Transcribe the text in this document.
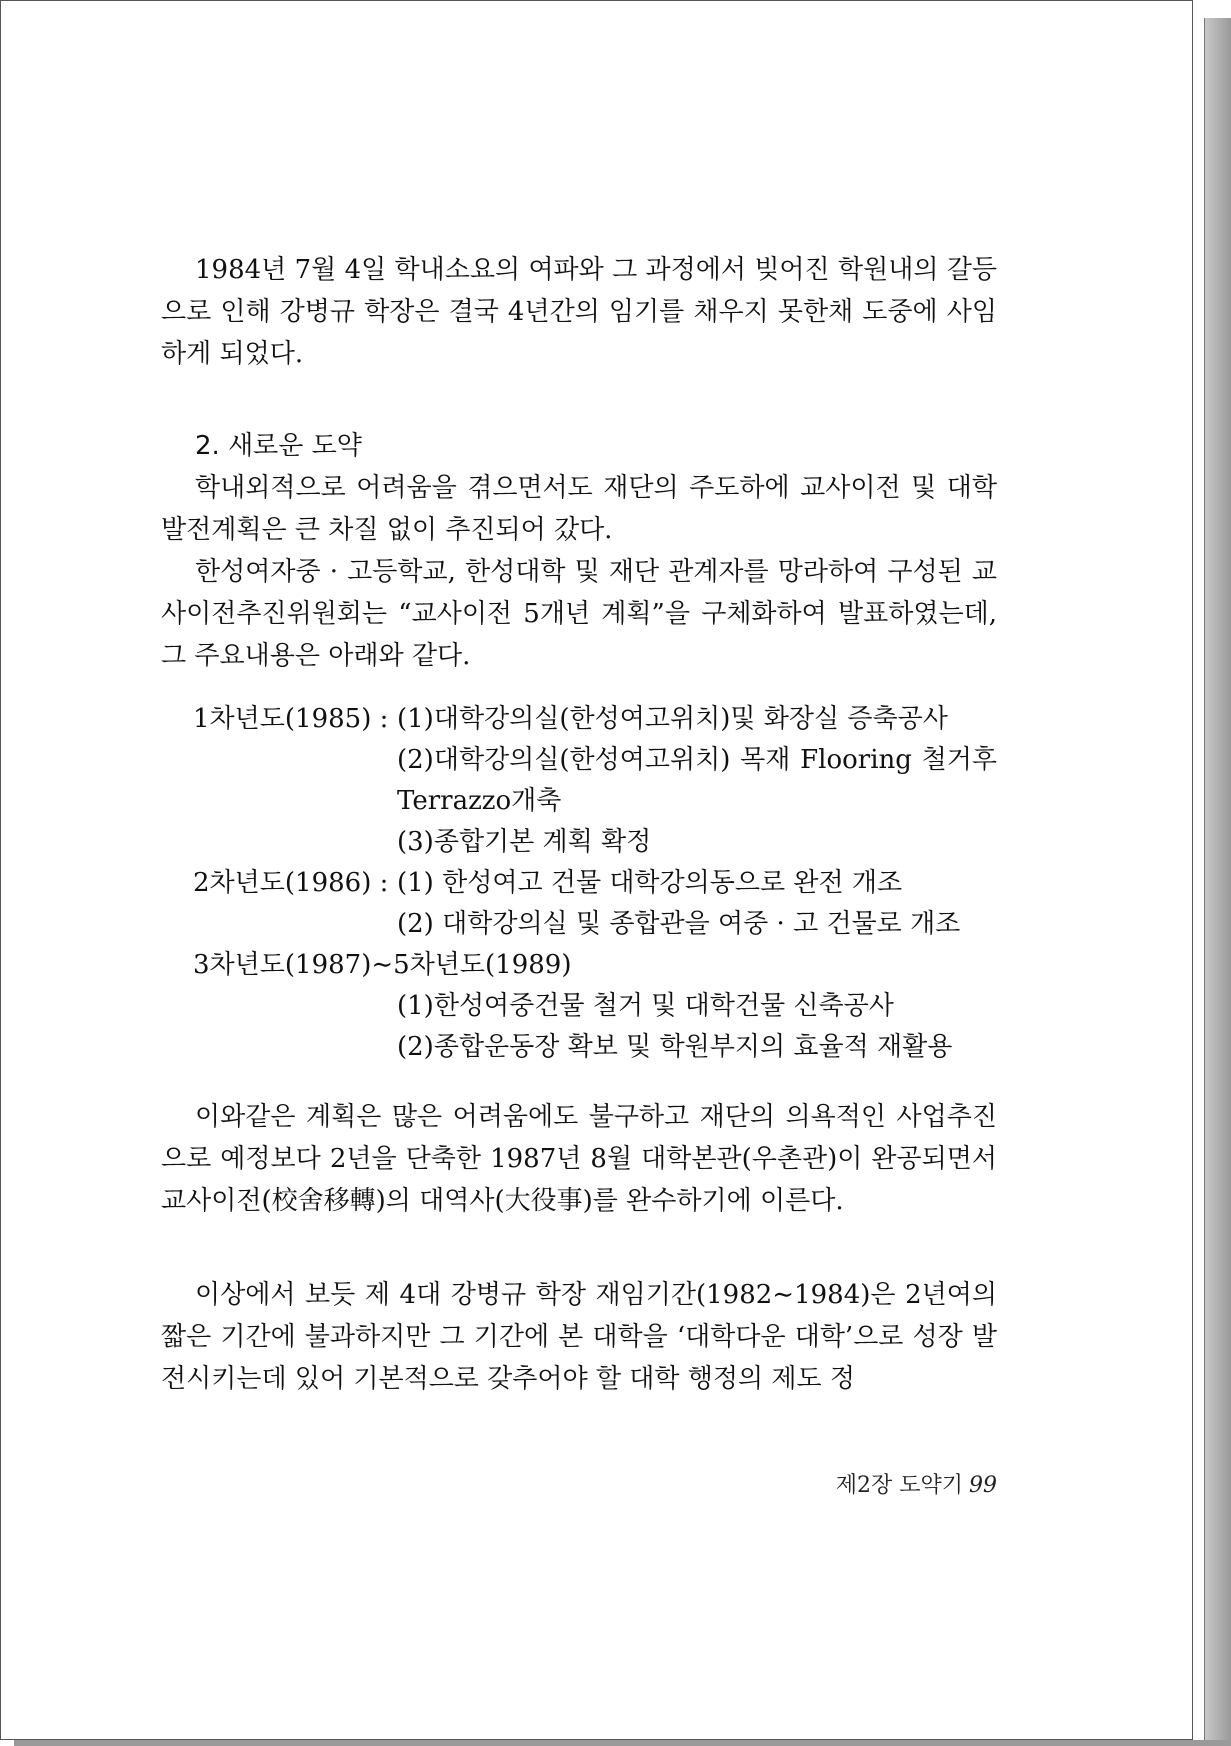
1984년 7월 4일 학내소요의 여파와 그 과정에서 빚어진 학원내의 갈등으로 인해 강병규 학장은 결국 4년간의 임기를 채우지 못한채 도중에 사임하게 되었다.

2. 새로운 도약

학내외적으로 어려움을 겪으면서도 재단의 주도하에 교사이전 및 대학발전계획은 큰 차질 없이 추진되어 갔다.

한성여자중 · 고등학교, 한성대학 및 재단 관계자를 망라하여 구성된 교사이전추진위원회는 “교사이전 5개년 계획”을 구체화하여 발표하였는데, 그 주요내용은 아래와 같다.

1차년도(1985) : (1)대학강의실(한성여고위치)및 화장실 증축공사
(2)대학강의실(한성여고위치) 목재 Flooring 철거후 Terrazzo개축
(3)종합기본 계획 확정
2차년도(1986) : (1) 한성여고 건물 대학강의동으로 완전 개조
(2) 대학강의실 및 종합관을 여중 · 고 건물로 개조
3차년도(1987)∼5차년도(1989)
(1)한성여중건물 철거 및 대학건물 신축공사
(2)종합운동장 확보 및 학원부지의 효율적 재활용

이와같은 계획은 많은 어려움에도 불구하고 재단의 의욕적인 사업추진으로 예정보다 2년을 단축한 1987년 8월 대학본관(우촌관)이 완공되면서 교사이전(校舍移轉)의 대역사(大役事)를 완수하기에 이른다.

이상에서 보듯 제 4대 강병규 학장 재임기간(1982∼1984)은 2년여의 짧은 기간에 불과하지만 그 기간에 본 대학을 ‘대학다운 대학’으로 성장 발전시키는데 있어 기본적으로 갖추어야 할 대학 행정의 제도 정

제2장 도약기 99
